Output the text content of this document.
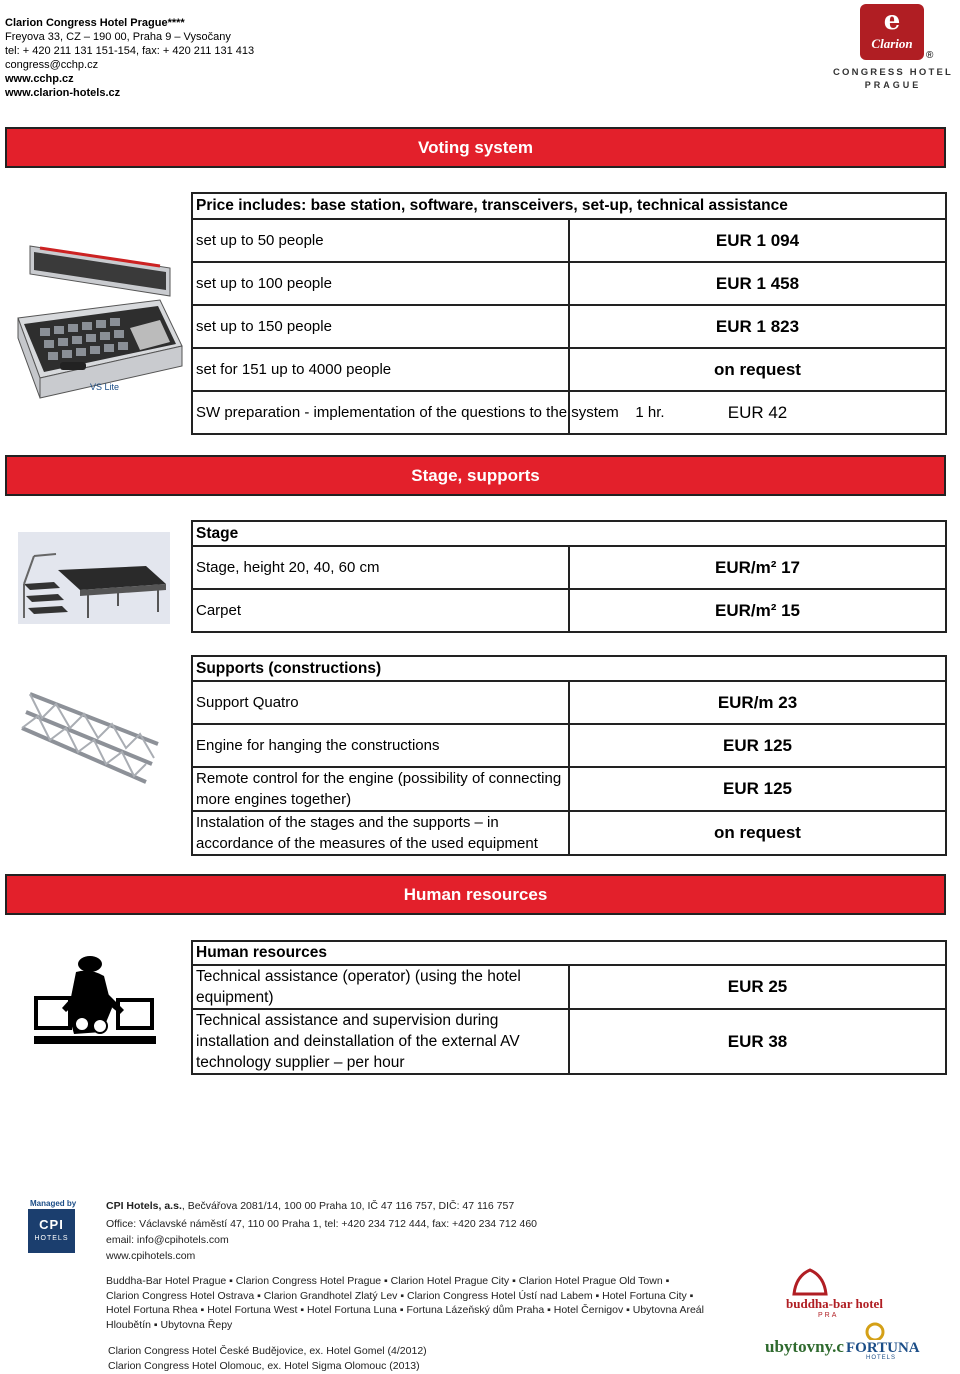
Clarion Congress Hotel Prague****
Freyova 33, CZ – 190 00, Praha 9 – Vysočany
tel: + 420 211 131 151-154, fax: + 420 211 131 413
congress@cchp.cz
www.cchp.cz
www.clarion-hotels.cz
e
Clarion
®
CONGRESS HOTEL
PRAGUE
Voting system
VS Lite
Price includes: base station, software, transceivers, set-up, technical assistance	
set up to 50 people	EUR 1 094
set up to 100 people	EUR 1 458
set up to 150 people	EUR 1 823
set for 151 up to 4000 people	on request
SW preparation - implementation of the questions to the system    1 hr.	EUR 42
Stage, supports
Stage	
Stage, height 20, 40, 60 cm	EUR/m² 17
Carpet	EUR/m² 15
Supports (constructions)	
Support Quatro	EUR/m 23
Engine for hanging the constructions	EUR 125
Remote control for the engine (possibility of connecting more engines together)	EUR 125
Instalation of the stages and the supports – in accordance of the measures of the used equipment	on request
Human resources
Human resources	
Technical assistance (operator) (using the hotel equipment)	EUR 25
Technical assistance and supervision during installation and deinstallation of the external AV technology supplier – per hour	EUR 38
Managed by
CPI
HOTELS
CPI Hotels, a.s., Bečvářova 2081/14, 100 00 Praha 10, IČ 47 116 757, DIČ: 47 116 757
Office: Václavské náměstí 47, 110 00 Praha 1, tel: +420 234 712 444, fax: +420 234 712 460
email: info@cpihotels.com
www.cpihotels.com
Buddha-Bar Hotel Prague ▪ Clarion Congress Hotel Prague ▪ Clarion Hotel Prague City ▪ Clarion Hotel Prague Old Town ▪
Clarion Congress Hotel Ostrava ▪ Clarion Grandhotel Zlatý Lev ▪ Clarion Congress Hotel Ústí nad Labem ▪ Hotel Fortuna City ▪
Hotel Fortuna Rhea ▪ Hotel Fortuna West ▪ Hotel Fortuna Luna ▪ Fortuna Lázeňský dům Praha ▪ Hotel Černigov ▪ Ubytovna Areál
Hloubětín ▪ Ubytovna Řepy
Clarion Congress Hotel České Budějovice, ex. Hotel Gomel (4/2012)
Clarion Congress Hotel Olomouc, ex. Hotel Sigma Olomouc (2013)
buddha-bar hotel
PRA
ubytovny.c FORTUNA
HOTELS
